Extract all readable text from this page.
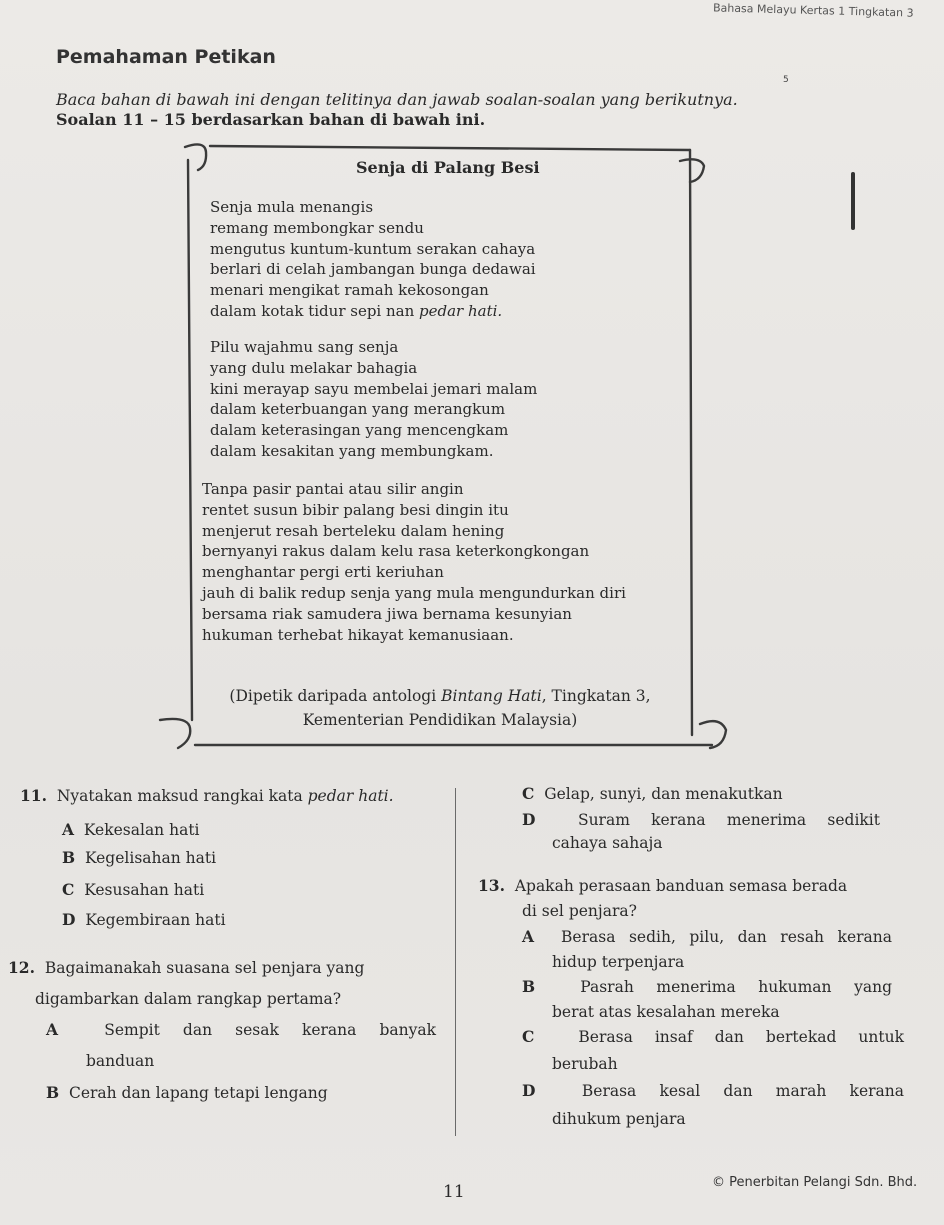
Bahasa Melayu Kertas 1 Tingkatan 3
Pemahaman Petikan
5
Baca bahan di bawah ini dengan telitinya dan jawab soalan-soalan yang berikutnya.
Soalan 11 – 15 berdasarkan bahan di bawah ini.
Senja di Palang Besi
Senja mula menangis
remang membongkar sendu
mengutus kuntum-kuntum serakan cahaya
berlari di celah jambangan bunga dedawai
menari mengikat ramah kekosongan
dalam kotak tidur sepi nan pedar hati.
Pilu wajahmu sang senja
yang dulu melakar bahagia
kini merayap sayu membelai jemari malam
dalam keterbuangan yang merangkum
dalam keterasingan yang mencengkam
dalam kesakitan yang membungkam.
Tanpa pasir pantai atau silir angin
rentet susun bibir palang besi dingin itu
menjerut resah berteleku dalam hening
bernyanyi rakus dalam kelu rasa keterkongkongan
menghantar pergi erti keriuhan
jauh di balik redup senja yang mula mengundurkan diri
bersama riak samudera jiwa bernama kesunyian
hukuman terhebat hikayat kemanusiaan.
(Dipetik daripada antologi Bintang Hati, Tingkatan 3,
Kementerian Pendidikan Malaysia)
11. Nyatakan maksud rangkai kata pedar hati.
A Kekesalan hati
B Kegelisahan hati
C Kesusahan hati
D Kegembiraan hati
12. Bagaimanakah suasana sel penjara yang
digambarkan dalam rangkap pertama?
A	Sempit dan sesak kerana banyak
banduan
B Cerah dan lapang tetapi lengang
C Gelap, sunyi, dan menakutkan
D	Suram kerana menerima sedikit
cahaya sahaja
13. Apakah perasaan banduan semasa berada
di sel penjara?
A Berasa sedih, pilu, dan resah kerana
hidup terpenjara
B	Pasrah menerima hukuman yang
berat atas kesalahan mereka
C	Berasa insaf dan bertekad untuk
berubah
D	Berasa kesal dan marah kerana
dihukum penjara
11	© Penerbitan Pelangi Sdn. Bhd.
